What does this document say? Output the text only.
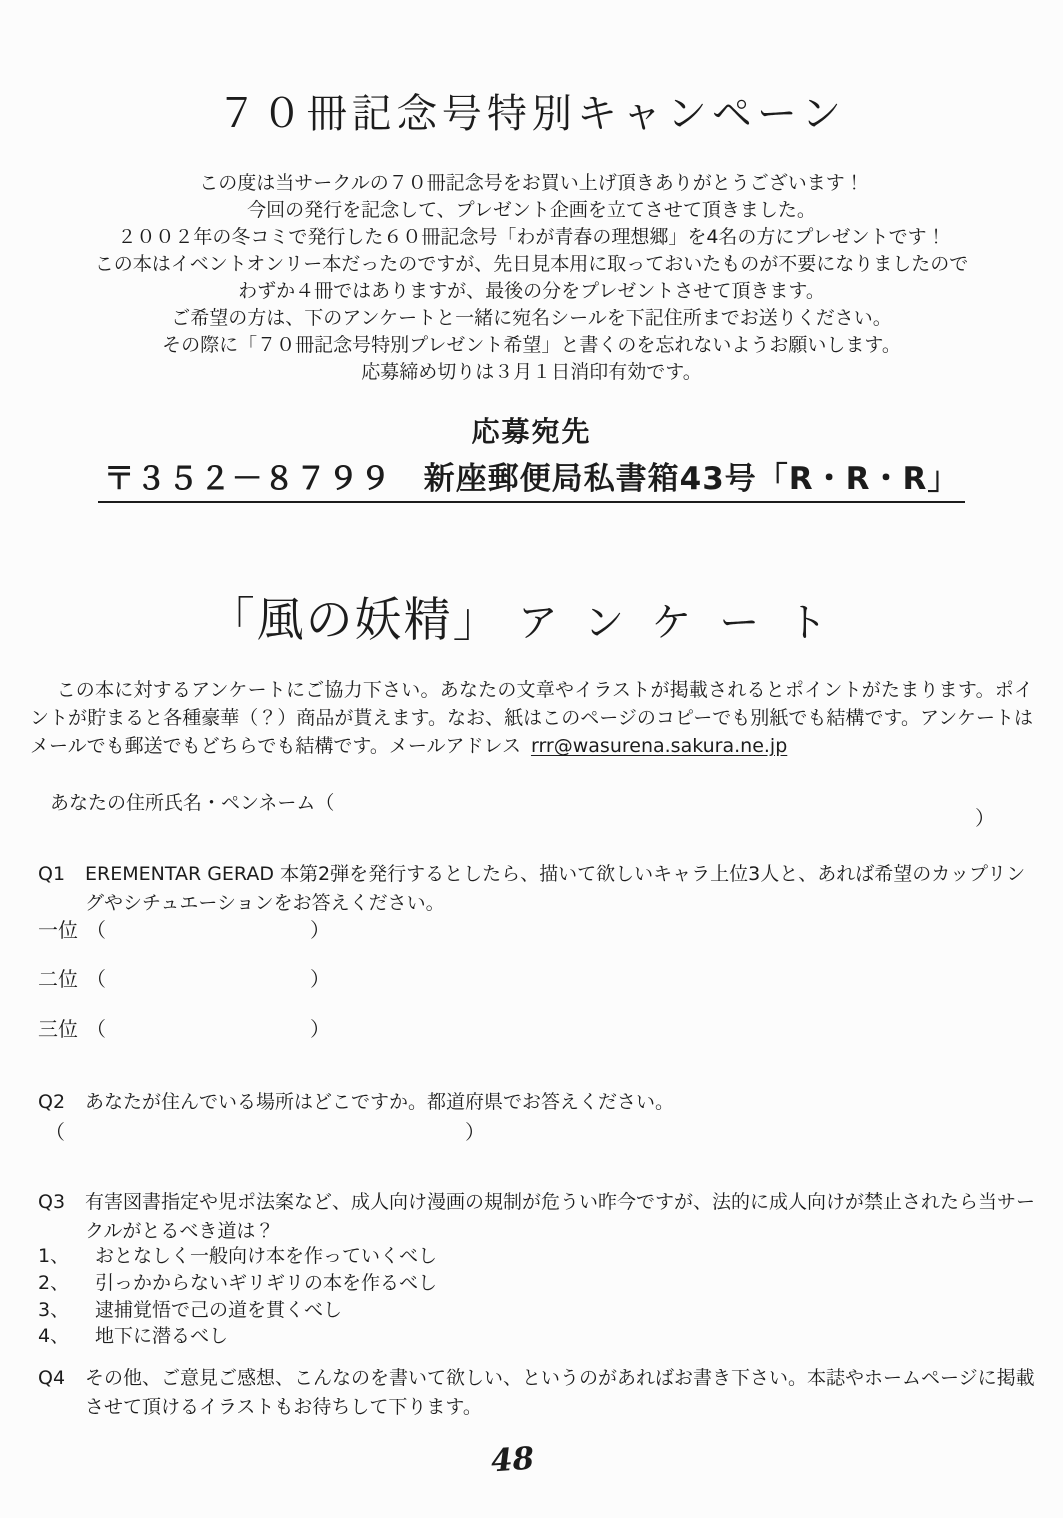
７０冊記念号特別キャンペーン
この度は当サークルの７０冊記念号をお買い上げ頂きありがとうございます！
今回の発行を記念して、プレゼント企画を立てさせて頂きました。
２００２年の冬コミで発行した６０冊記念号「わが青春の理想郷」を4名の方にプレゼントです！
この本はイベントオンリー本だったのですが、先日見本用に取っておいたものが不要になりましたので
わずか４冊ではありますが、最後の分をプレゼントさせて頂きます。
ご希望の方は、下のアンケートと一緒に宛名シールを下記住所までお送りください。
その際に「７０冊記念号特別プレゼント希望」と書くのを忘れないようお願いします。
応募締め切りは３月１日消印有効です。
応募宛先
〒３５２－８７９９　新座郵便局私書箱43号「R・R・R」
「風の妖精」 アンケート
この本に対するアンケートにご協力下さい。あなたの文章やイラストが掲載されるとポイントがたまります。ポイントが貯まると各種豪華（？）商品が貰えます。なお、紙はこのページのコピーでも別紙でも結構です。アンケートはメールでも郵送でもどちらでも結構です。メールアドレス rrr@wasurena.sakura.ne.jp
あなたの住所氏名・ペンネーム（
）
Q1	EREMENTAR GERAD 本第2弾を発行するとしたら、描いて欲しいキャラ上位3人と、あれば希望のカップリングやシチュエーションをお答えください。
一位 （	）
二位 （	）
三位 （	）
Q2	あなたが住んでいる場所はどこですか。都道府県でお答えください。
（	）
Q3	有害図書指定や児ポ法案など、成人向け漫画の規制が危うい昨今ですが、法的に成人向けが禁止されたら当サークルがとるべき道は？
1、	おとなしく一般向け本を作っていくべし
2、	引っかからないギリギリの本を作るべし
3、	逮捕覚悟で己の道を貫くべし
4、	地下に潜るべし
Q4	その他、ご意見ご感想、こんなのを書いて欲しい、というのがあればお書き下さい。本誌やホームページに掲載させて頂けるイラストもお待ちして下ります。
48
